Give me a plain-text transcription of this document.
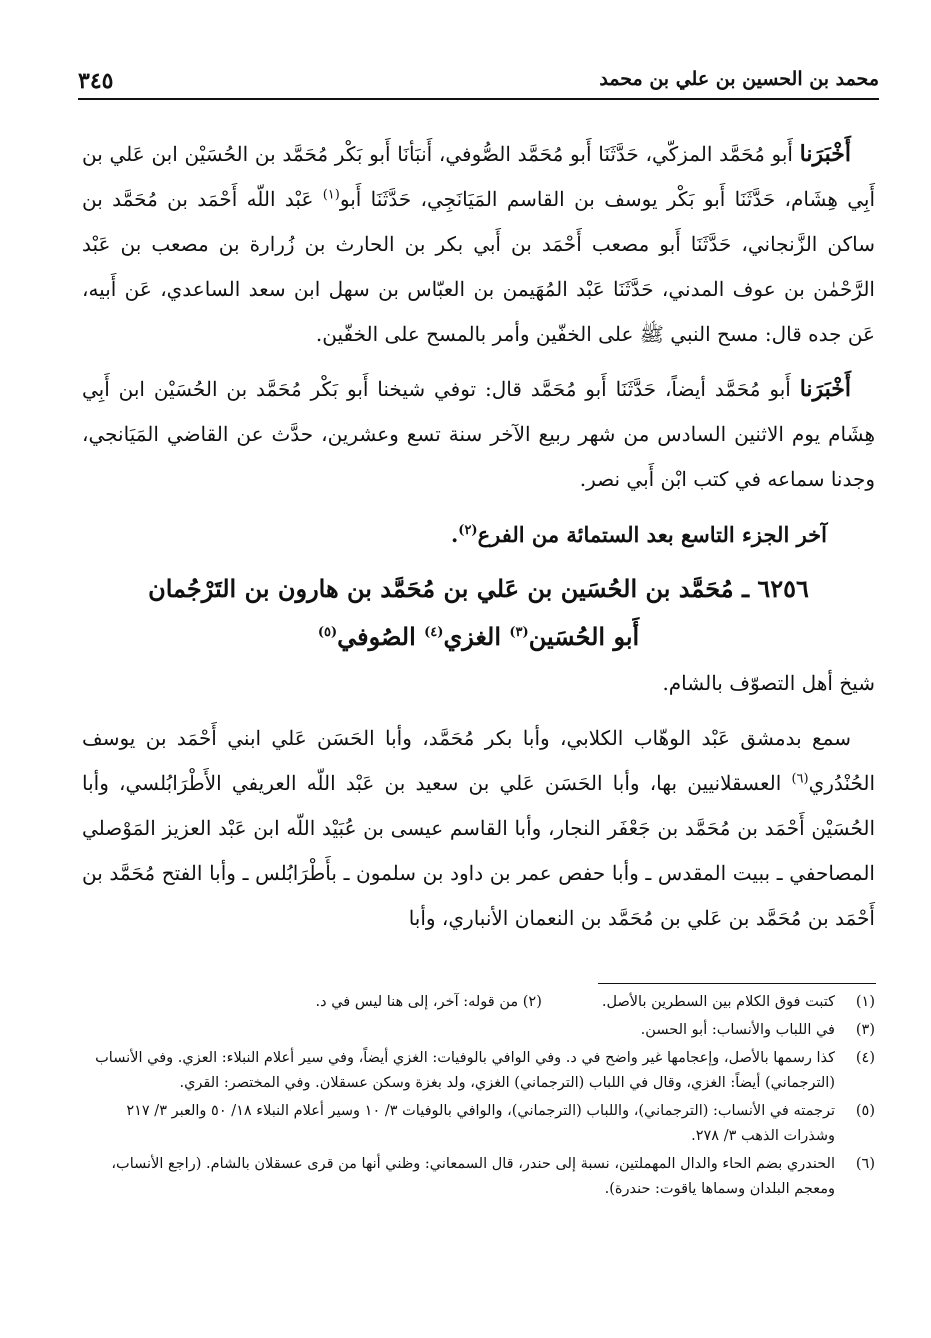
محمد بن الحسين بن علي بن محمد
٣٤٥

أَخْبَرَنا أَبو مُحَمَّد المزكّي، حَدَّثَنَا أَبو مُحَمَّد الصُّوفي، أَنبَأنَا أَبو بَكْر مُحَمَّد بن الحُسَيْن ابن عَلي بن أَبِي هِشَام، حَدَّثَنَا أَبو بَكْر يوسف بن القاسم المَيَانَجِي، حَدَّثَنَا أَبو$^{(١)}$ عَبْد اللّه أَحْمَد بن مُحَمَّد بن ساكن الزَّنجاني، حَدَّثَنَا أَبو مصعب أَحْمَد بن أَبي بكر بن الحارث بن زُرارة بن مصعب بن عَبْد الرَّحْمٰن بن عوف المدني، حَدَّثَنَا عَبْد المُهَيمن بن العبّاس بن سهل ابن سعد الساعدي، عَن أَبيه، عَن جده قال: مسح النبي ﷺ على الخفّين وأمر بالمسح على الخفّين.

أَخْبَرَنا أَبو مُحَمَّد أيضاً، حَدَّثَنَا أَبو مُحَمَّد قال: توفي شيخنا أَبو بَكْر مُحَمَّد بن الحُسَيْن ابن أَبِي هِشَام يوم الاثنين السادس من شهر ربيع الآخر سنة تسع وعشرين، حدَّث عن القاضي المَيَانجي، وجدنا سماعه في كتب ابْن أَبي نصر.

آخر الجزء التاسع بعد الستمائة من الفرع$^{(٢)}$.

٦٢٥٦ ـ مُحَمَّد بن الحُسَين بن عَلي بن مُحَمَّد بن هارون بن التَرْجُمان
أَبو الحُسَين$^{(٣)}$ الغزي$^{(٤)}$ الصُوفي$^{(٥)}$

شيخ أهل التصوّف بالشام.

سمع بدمشق عَبْد الوهّاب الكلابي، وأبا بكر مُحَمَّد، وأبا الحَسَن عَلي ابني أَحْمَد بن يوسف الحُنْدُري$^{(٦)}$ العسقلانيين بها، وأبا الحَسَن عَلي بن سعيد بن عَبْد اللّه العريفي الأَطْرَابُلسي، وأبا الحُسَيْن أَحْمَد بن مُحَمَّد بن جَعْفَر النجار، وأبا القاسم عيسى بن عُبَيْد اللّه ابن عَبْد العزيز المَوْصلي المصاحفي ـ ببيت المقدس ـ وأبا حفص عمر بن داود بن سلمون ـ بأَطْرَابُلس ـ وأبا الفتح مُحَمَّد بن أَحْمَد بن مُحَمَّد بن عَلي بن مُحَمَّد بن النعمان الأنباري، وأبا

(١)
كتبت فوق الكلام بين السطرين بالأصل.(٢) من قوله: آخر، إلى هنا ليس في د.

(٣)
في اللباب والأنساب: أبو الحسن.

(٤)
كذا رسمها بالأصل، وإعجامها غير واضح في د. وفي الوافي بالوفيات: الغزي أيضاً، وفي سير أعلام النبلاء: العزي. وفي الأنساب (الترجماني) أيضاً: الغزي، وقال في اللباب (الترجماني) الغزي، ولد بغزة وسكن عسقلان. وفي المختصر: القري.

(٥)
ترجمته في الأنساب: (الترجماني)، واللباب (الترجماني)، والوافي بالوفيات ٣/ ١٠ وسير أعلام النبلاء ١٨/ ٥٠ والعبر ٣/ ٢١٧ وشذرات الذهب ٣/ ٢٧٨.

(٦)
الحندري بضم الحاء والدال المهملتين، نسبة إلى حندر، قال السمعاني: وظني أنها من قرى عسقلان بالشام. (راجع الأنساب، ومعجم البلدان وسماها ياقوت: حندرة).
